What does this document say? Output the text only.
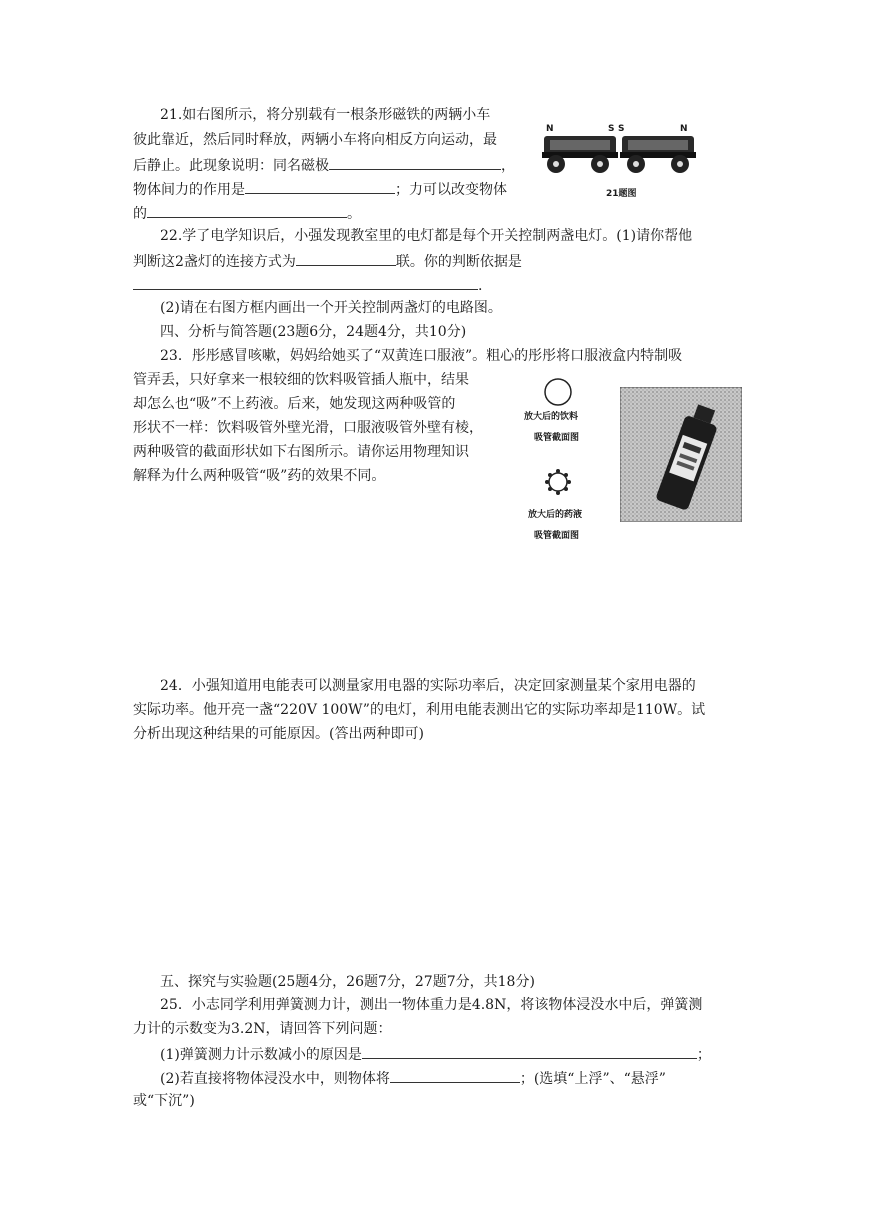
21.如右图所示，将分别载有一根条形磁铁的两辆小车
彼此靠近，然后同时释放，两辆小车将向相反方向运动，最
后静止。此现象说明：同名磁极	，
物体间力的作用是	；力可以改变物体
的	。
N	S S	N
21题图
22.学了电学知识后，小强发现教室里的电灯都是每个开关控制两盏电灯。(1)请你帮他
判断这2盏灯的连接方式为	联。你的判断依据是
.
(2)请在右图方框内画出一个开关控制两盏灯的电路图。
四、分析与简答题(23题6分，24题4分，共10分)
23．彤彤感冒咳嗽，妈妈给她买了“双黄连口服液”。粗心的彤彤将口服液盒内特制吸
管弄丢，只好拿来一根较细的饮料吸管插人瓶中，结果
却怎么也“吸”不上药液。后来，她发现这两种吸管的
形状不一样：饮料吸管外壁光滑，口服液吸管外壁有棱，
两种吸管的截面形状如下右图所示。请你运用物理知识
解释为什么两种吸管“吸”药的效果不同。
放大后的饮料
吸管截面图
放大后的药液
吸管截面图
24．小强知道用电能表可以测量家用电器的实际功率后，决定回家测量某个家用电器的
实际功率。他开亮一盏“220V 100W”的电灯，利用电能表测出它的实际功率却是110W。试
分析出现这种结果的可能原因。(答出两种即可)
五、探究与实验题(25题4分，26题7分，27题7分，共18分)
25．小志同学利用弹簧测力计，测出一物体重力是4.8N，将该物体浸没水中后，弹簧测
力计的示数变为3.2N，请回答下列问题：
(1)弹簧测力计示数减小的原因是	；
(2)若直接将物体浸没水中，则物体将	；(选填“上浮”、“悬浮”
或“下沉”)
